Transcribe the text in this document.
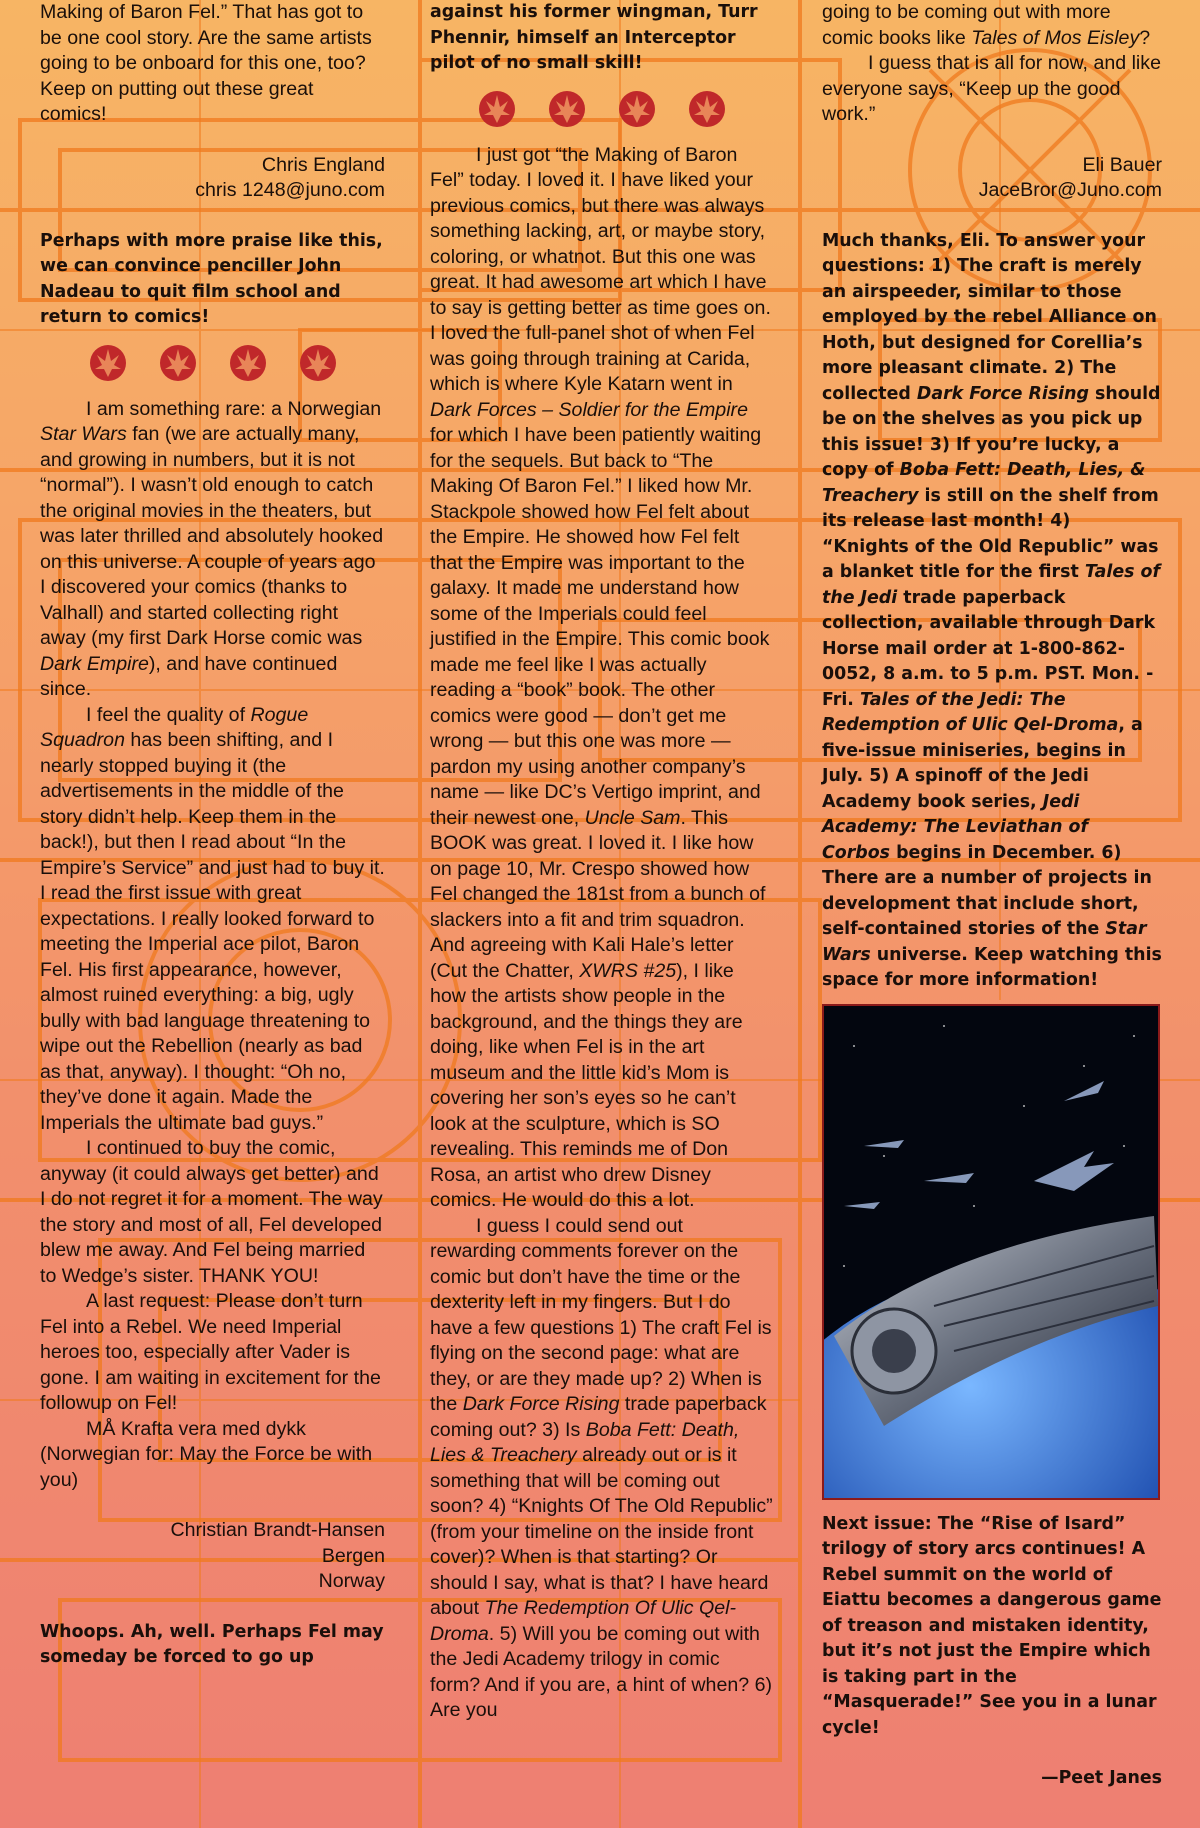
Making of Baron Fel.” That has got to be one cool story. Are the same artists going to be onboard for this one, too? Keep on putting out these great comics!

Chris England

chris 1248@juno.com

Perhaps with more praise like this, we can convince penciller John Nadeau to quit film school and return to comics!

I am something rare: a Norwegian Star Wars fan (we are actually many, and growing in numbers, but it is not “normal”). I wasn’t old enough to catch the original movies in the theaters, but was later thrilled and absolutely hooked on this universe. A couple of years ago I discovered your comics (thanks to Valhall) and started collecting right away (my first Dark Horse comic was Dark Empire), and have continued since.

I feel the quality of Rogue Squadron has been shifting, and I nearly stopped buying it (the advertisements in the middle of the story didn’t help. Keep them in the back!), but then I read about “In the Empire’s Service” and just had to buy it. I read the first issue with great expectations. I really looked forward to meeting the Imperial ace pilot, Baron Fel. His first appearance, however, almost ruined everything: a big, ugly bully with bad language threatening to wipe out the Rebellion (nearly as bad as that, anyway). I thought: “Oh no, they’ve done it again. Made the Imperials the ultimate bad guys.”

I continued to buy the comic, anyway (it could always get better) and I do not regret it for a moment. The way the story and most of all, Fel developed blew me away. And Fel being married to Wedge’s sister. THANK YOU!

A last request: Please don’t turn Fel into a Rebel. We need Imperial heroes too, especially after Vader is gone. I am waiting in excitement for the followup on Fel!

MÅ Krafta vera med dykk (Norwegian for: May the Force be with you)

Christian Brandt-Hansen

Bergen

Norway

Whoops. Ah, well. Perhaps Fel may someday be forced to go up

against his former wingman, Turr Phennir, himself an Interceptor pilot of no small skill!

I just got “the Making of Baron Fel” today. I loved it. I have liked your previous comics, but there was always something lacking, art, or maybe story, coloring, or whatnot. But this one was great. It had awesome art which I have to say is getting better as time goes on. I loved the full-panel shot of when Fel was going through training at Carida, which is where Kyle Katarn went in Dark Forces – Soldier for the Empire for which I have been patiently waiting for the sequels. But back to “The Making Of Baron Fel.” I liked how Mr. Stackpole showed how Fel felt about the Empire. He showed how Fel felt that the Empire was important to the galaxy. It made me understand how some of the Imperials could feel justified in the Empire. This comic book made me feel like I was actually reading a “book” book. The other comics were good — don’t get me wrong — but this one was more — pardon my using another company’s name — like DC’s Vertigo imprint, and their newest one, Uncle Sam. This BOOK was great. I loved it. I like how on page 10, Mr. Crespo showed how Fel changed the 181st from a bunch of slackers into a fit and trim squadron. And agreeing with Kali Hale’s letter (Cut the Chatter, XWRS #25), I like how the artists show people in the background, and the things they are doing, like when Fel is in the art museum and the little kid’s Mom is covering her son’s eyes so he can’t look at the sculpture, which is SO revealing. This reminds me of Don Rosa, an artist who drew Disney comics. He would do this a lot.

I guess I could send out rewarding comments forever on the comic but don’t have the time or the dexterity left in my fingers. But I do have a few questions 1) The craft Fel is flying on the second page: what are they, or are they made up? 2) When is the Dark Force Rising trade paperback coming out? 3) Is Boba Fett: Death, Lies & Treachery already out or is it something that will be coming out soon? 4) “Knights Of The Old Republic” (from your timeline on the inside front cover)? When is that starting? Or should I say, what is that? I have heard about The Redemption Of Ulic Qel-Droma. 5) Will you be coming out with the Jedi Academy trilogy in comic form? And if you are, a hint of when? 6) Are you

going to be coming out with more comic books like Tales of Mos Eisley?

I guess that is all for now, and like everyone says, “Keep up the good work.”

Eli Bauer

JaceBror@Juno.com

Much thanks, Eli. To answer your questions: 1) The craft is merely an airspeeder, similar to those employed by the rebel Alliance on Hoth, but designed for Corellia’s more pleasant climate. 2) The collected Dark Force Rising should be on the shelves as you pick up this issue! 3) If you’re lucky, a copy of Boba Fett: Death, Lies, & Treachery is still on the shelf from its release last month! 4) “Knights of the Old Republic” was a blanket title for the first Tales of the Jedi trade paperback collection, available through Dark Horse mail order at 1-800-862-0052, 8 a.m. to 5 p.m. PST. Mon. - Fri. Tales of the Jedi: The Redemption of Ulic Qel-Droma, a five-issue miniseries, begins in July. 5) A spinoff of the Jedi Academy book series, Jedi Academy: The Leviathan of Corbos begins in December. 6) There are a number of projects in development that include short, self-contained stories of the Star Wars universe. Keep watching this space for more information!

Next issue: The “Rise of Isard” trilogy of story arcs continues! A Rebel summit on the world of Eiattu becomes a dangerous game of treason and mistaken identity, but it’s not just the Empire which is taking part in the “Masquerade!” See you in a lunar cycle!

—Peet Janes
